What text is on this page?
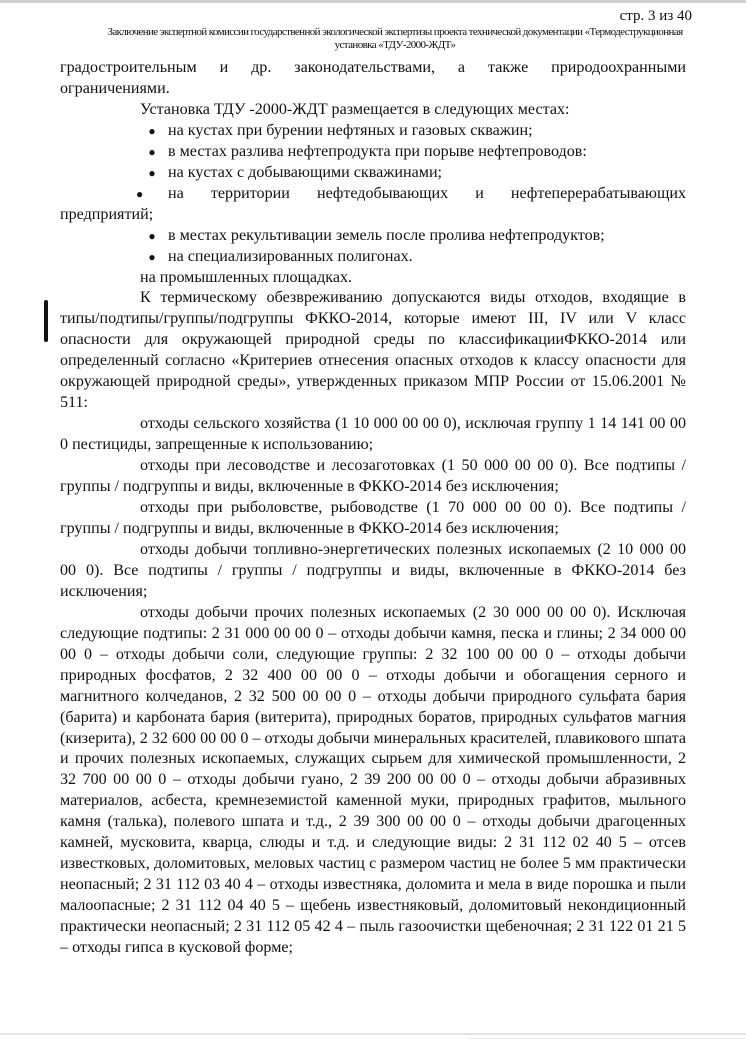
стр. 3 из 40
Заключение экспертной комиссии государственной экологической экспертизы проекта технической документации «Термодеструкционная установка «ТДУ-2000-ЖДТ»

градостроительным и др. законодательствами, а также природоохранными ограничениями.

Установка ТДУ -2000-ЖДТ размещается в следующих местах:

●
на кустах при бурении нефтяных и газовых скважин;
●
в местах разлива нефтепродукта при порыве нефтепроводов:
●
на кустах с добывающими скважинами;

● на территории нефтедобывающих и нефтеперерабатывающих предприятий;

●
в местах рекультивации земель после пролива нефтепродуктов;
●
на специализированных полигонах.

на промышленных площадках.

К термическому обезвреживанию допускаются виды отходов, входящие в типы/подтипы/группы/подгруппы ФККО-2014, которые имеют III, IV или V класс опасности для окружающей природной среды по классификацииФККО-2014 или определенный согласно «Критериев отнесения опасных отходов к классу опасности для окружающей природной среды», утвержденных приказом МПР России от 15.06.2001 № 511:

отходы сельского хозяйства (1 10 000 00 00 0), исключая группу 1 14 141 00 00 0 пестициды, запрещенные к использованию;

отходы при лесоводстве и лесозаготовках (1 50 000 00 00 0). Все подтипы / группы / подгруппы и виды, включенные в ФККО-2014 без исключения;

отходы при рыболовстве, рыбоводстве (1 70 000 00 00 0). Все подтипы / группы / подгруппы и виды, включенные в ФККО-2014 без исключения;

отходы добычи топливно-энергетических полезных ископаемых (2 10 000 00 00 0). Все подтипы / группы / подгруппы и виды, включенные в ФККО-2014 без исключения;

отходы добычи прочих полезных ископаемых (2 30 000 00 00 0). Исключая следующие подтипы: 2 31 000 00 00 0 – отходы добычи камня, песка и глины; 2 34 000 00 00 0 – отходы добычи соли, следующие группы: 2 32 100 00 00 0 – отходы добычи природных фосфатов, 2 32 400 00 00 0 – отходы добычи и обогащения серного и магнитного колчеданов, 2 32 500 00 00 0 – отходы добычи природного сульфата бария (барита) и карбоната бария (витерита), природных боратов, природных сульфатов магния (кизерита), 2 32 600 00 00 0 – отходы добычи минеральных красителей, плавикового шпата и прочих полезных ископаемых, служащих сырьем для химической промышленности, 2 32 700 00 00 0 – отходы добычи гуано, 2 39 200 00 00 0 – отходы добычи абразивных материалов, асбеста, кремнеземистой каменной муки, природных графитов, мыльного камня (талька), полевого шпата и т.д., 2 39 300 00 00 0 – отходы добычи драгоценных камней, мусковита, кварца, слюды и т.д. и следующие виды: 2 31 112 02 40 5 – отсев известковых, доломитовых, меловых частиц с размером частиц не более 5 мм практически неопасный; 2 31 112 03 40 4 – отходы известняка, доломита и мела в виде порошка и пыли малоопасные; 2 31 112 04 40 5 – щебень известняковый, доломитовый некондиционный практически неопасный; 2 31 112 05 42 4 – пыль газоочистки щебеночная; 2 31 122 01 21 5 – отходы гипса в кусковой форме;
